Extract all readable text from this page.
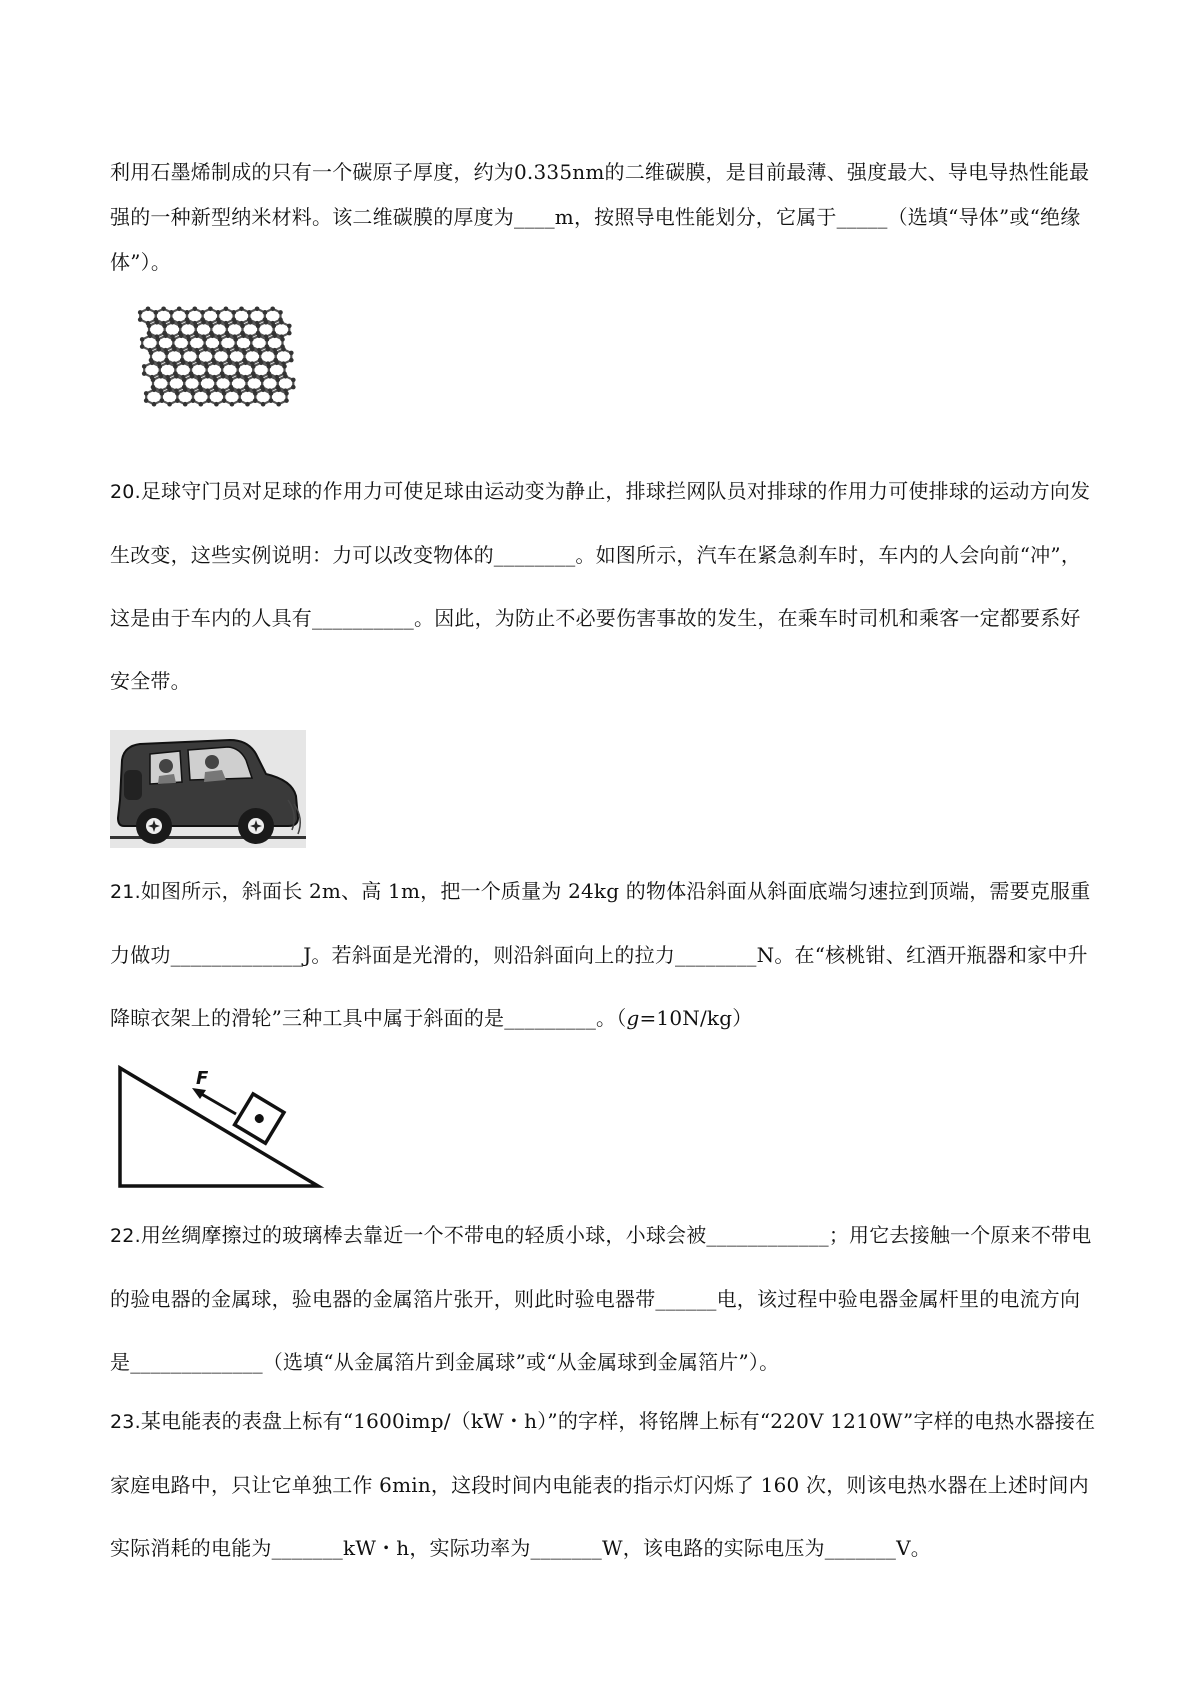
利用石墨烯制成的只有一个碳原子厚度，约为0.335nm的二维碳膜，是目前最薄、强度最大、导电导热性能最强的一种新型纳米材料。该二维碳膜的厚度为____m，按照导电性能划分，它属于_____（选填“导体”或“绝缘体”）。

20.足球守门员对足球的作用力可使足球由运动变为静止，排球拦网队员对排球的作用力可使排球的运动方向发生改变，这些实例说明：力可以改变物体的________。如图所示，汽车在紧急刹车时，车内的人会向前“冲”，这是由于车内的人具有__________。因此，为防止不必要伤害事故的发生，在乘车时司机和乘客一定都要系好安全带。

21.如图所示，斜面长 2m、高 1m，把一个质量为 24kg 的物体沿斜面从斜面底端匀速拉到顶端，需要克服重力做功_____________J。若斜面是光滑的，则沿斜面向上的拉力________N。在“核桃钳、红酒开瓶器和家中升降晾衣架上的滑轮”三种工具中属于斜面的是_________。（g=10N/kg）

F

22.用丝绸摩擦过的玻璃棒去靠近一个不带电的轻质小球，小球会被____________；用它去接触一个原来不带电的验电器的金属球，验电器的金属箔片张开，则此时验电器带______电，该过程中验电器金属杆里的电流方向是_____________（选填“从金属箔片到金属球”或“从金属球到金属箔片”）。

23.某电能表的表盘上标有“1600imp/（kW・h）”的字样，将铭牌上标有“220V 1210W”字样的电热水器接在家庭电路中，只让它单独工作 6min，这段时间内电能表的指示灯闪烁了 160 次，则该电热水器在上述时间内实际消耗的电能为_______kW・h，实际功率为_______W，该电路的实际电压为_______V。
